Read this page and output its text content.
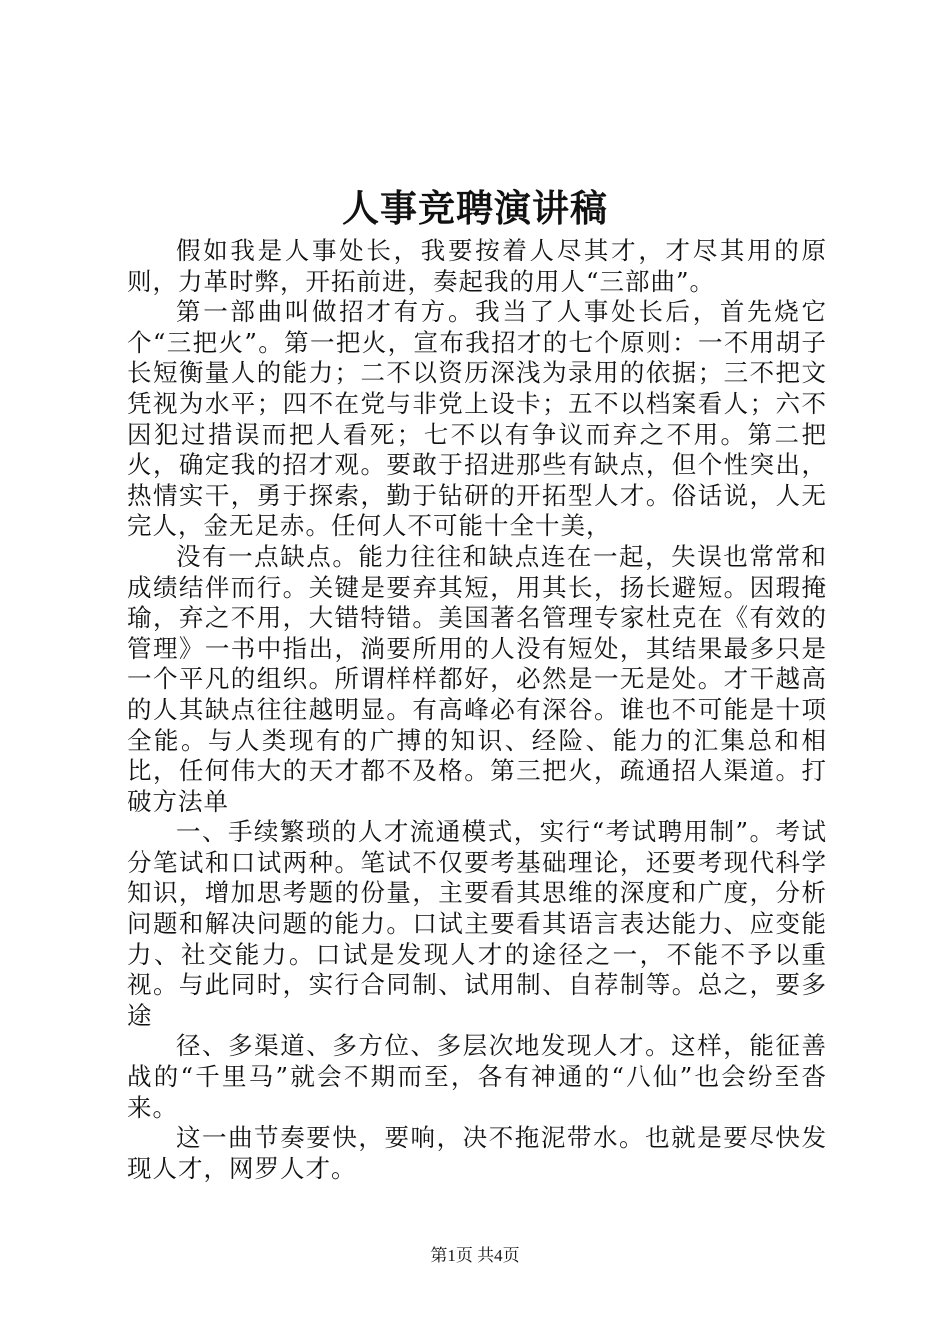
人事竞聘演讲稿

假如我是人事处长，我要按着人尽其才，才尽其用的原则，力革时弊，开拓前进，奏起我的用人“三部曲”。

第一部曲叫做招才有方。我当了人事处长后，首先烧它个“三把火”。第一把火，宣布我招才的七个原则：一不用胡子长短衡量人的能力；二不以资历深浅为录用的依据；三不把文凭视为水平；四不在党与非党上设卡；五不以档案看人；六不因犯过措误而把人看死；七不以有争议而弃之不用。第二把火，确定我的招才观。要敢于招进那些有缺点，但个性突出，热情实干，勇于探索，勤于钻研的开拓型人才。俗话说，人无完人，金无足赤。任何人不可能十全十美，

没有一点缺点。能力往往和缺点连在一起，失误也常常和成绩结伴而行。关键是要弃其短，用其长，扬长避短。因瑕掩瑜，弃之不用，大错特错。美国著名管理专家杜克在《有效的管理》一书中指出，淌要所用的人没有短处，其结果最多只是一个平凡的组织。所谓样样都好，必然是一无是处。才干越高的人其缺点往往越明显。有高峰必有深谷。谁也不可能是十项全能。与人类现有的广搏的知识、经险、能力的汇集总和相比，任何伟大的天才都不及格。第三把火，疏通招人渠道。打破方法单

一、手续繁琐的人才流通模式，实行“考试聘用制”。考试分笔试和口试两种。笔试不仅要考基础理论，还要考现代科学知识，增加思考题的份量，主要看其思维的深度和广度，分析问题和解决问题的能力。口试主要看其语言表达能力、应变能力、社交能力。口试是发现人才的途径之一，不能不予以重视。与此同时，实行合同制、试用制、自荐制等。总之，要多途

径、多渠道、多方位、多层次地发现人才。这样，能征善战的“千里马”就会不期而至，各有神通的“八仙”也会纷至沓来。

这一曲节奏要快，要响，决不拖泥带水。也就是要尽快发现人才，网罗人才。

第1页 共4页
